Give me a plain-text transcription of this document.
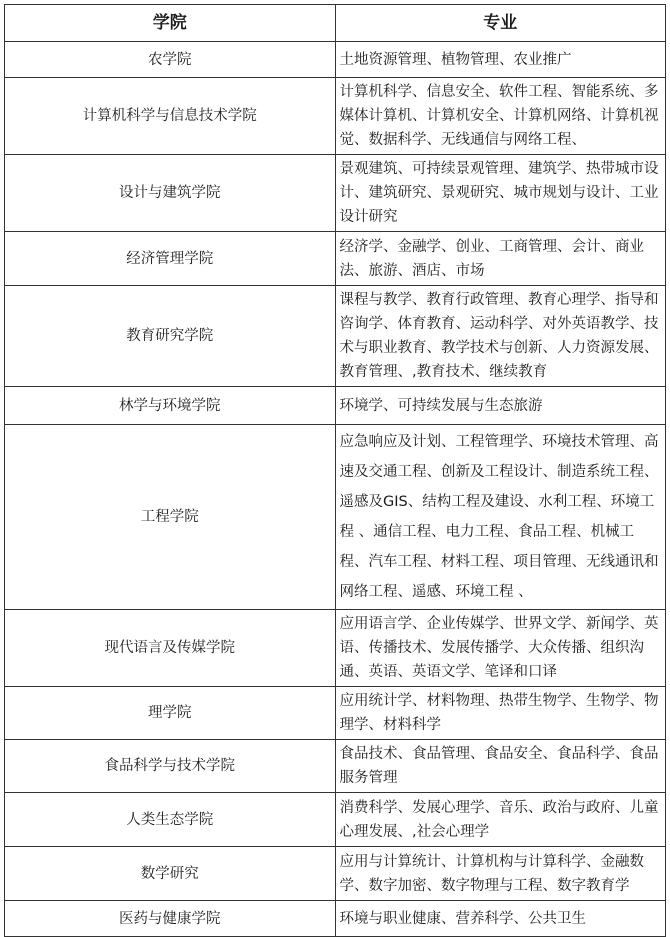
学院	专业
农学院	土地资源管理、植物管理、农业推广
计算机科学与信息技术学院	计算机科学、信息安全、软件工程、智能系统、多媒体计算机、计算机安全、计算机网络、计算机视觉、数据科学、无线通信与网络工程、
设计与建筑学院	景观建筑、可持续景观管理、建筑学、热带城市设计、建筑研究、景观研究、城市规划与设计、工业设计研究
经济管理学院	经济学、金融学、创业、工商管理、会计、商业法、旅游、酒店、市场
教育研究学院	课程与教学、教育行政管理、教育心理学、指导和咨询学、体育教育、运动科学、对外英语教学、技术与职业教育、教学技术与创新、人力资源发展、教育管理、,教育技术、继续教育
林学与环境学院	环境学、可持续发展与生态旅游
工程学院	应急响应及计划、工程管理学、环境技术管理、高速及交通工程、创新及工程设计、制造系统工程、遥感及GIS、结构工程及建设、水利工程、环境工程 、通信工程、电力工程、食品工程、机械工程、汽车工程、材料工程、项目管理、无线通讯和网络工程、遥感、环境工程 、
现代语言及传媒学院	应用语言学、企业传媒学、世界文学、新闻学、英语、传播技术、发展传播学、大众传播、组织沟通、英语、英语文学、笔译和口译
理学院	应用统计学、材料物理、热带生物学、生物学、物理学、材料科学
食品科学与技术学院	食品技术、食品管理、食品安全、食品科学、食品服务管理
人类生态学院	消费科学、发展心理学、音乐、政治与政府、儿童心理发展、,社会心理学
数学研究	应用与计算统计、计算机构与计算科学、金融数学、数字加密、数字物理与工程、数字教育学
医药与健康学院	环境与职业健康、营养科学、公共卫生
